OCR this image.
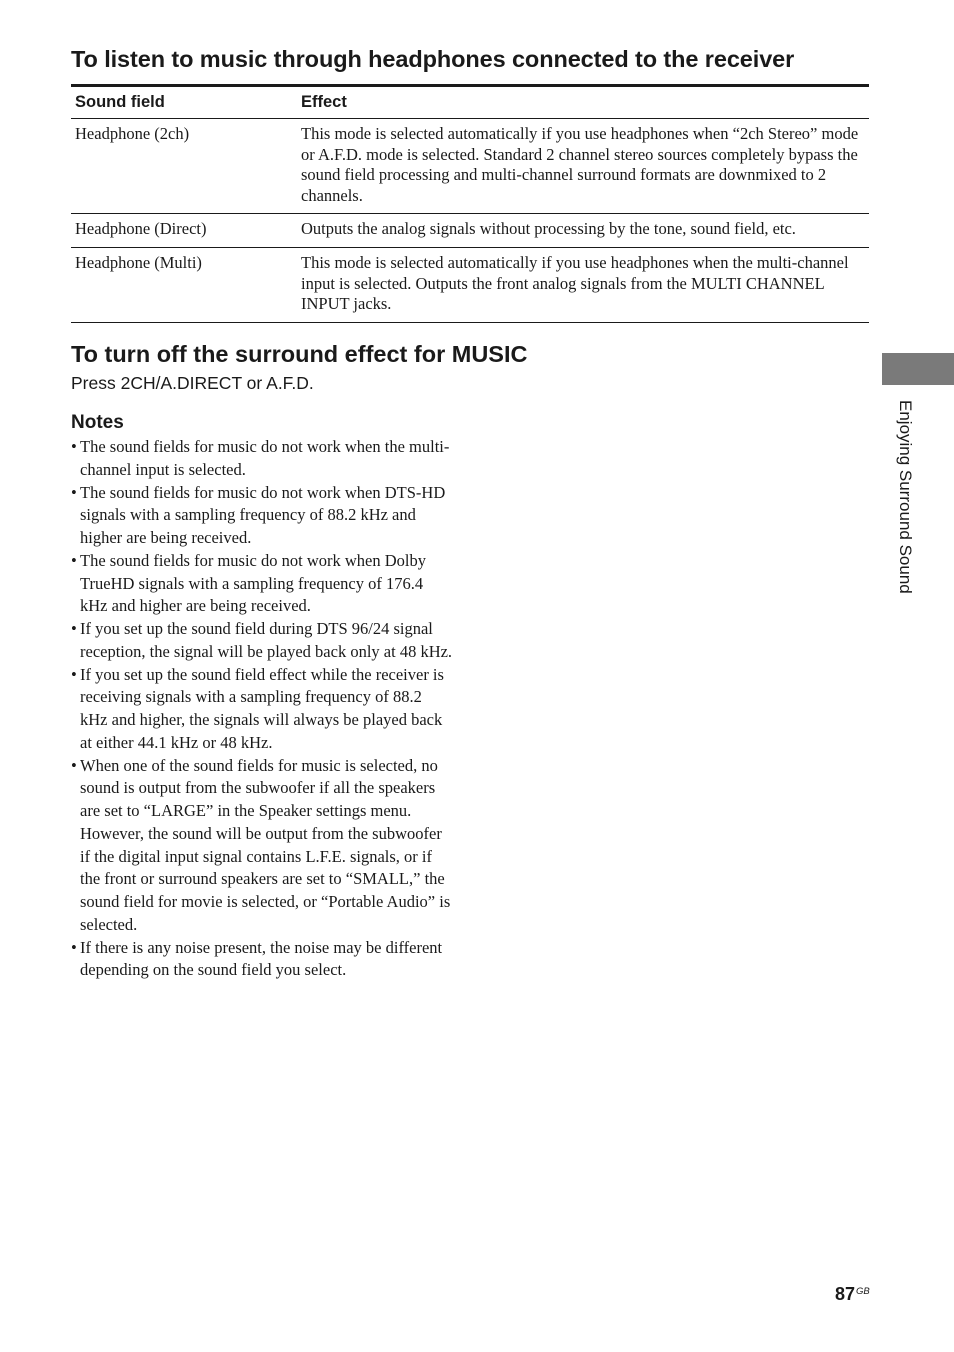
To listen to music through headphones connected to the receiver
Sound field	Effect
Headphone (2ch)	This mode is selected automatically if you use headphones when “2ch Stereo” mode or A.F.D. mode is selected. Standard 2 channel stereo sources completely bypass the sound field processing and multi-channel surround formats are downmixed to 2 channels.
Headphone (Direct)	Outputs the analog signals without processing by the tone, sound field, etc.
Headphone (Multi)	This mode is selected automatically if you use headphones when the multi-channel input is selected. Outputs the front analog signals from the MULTI CHANNEL INPUT jacks.
To turn off the surround effect for MUSIC

Press 2CH/A.DIRECT or A.F.D.

Notes
• The sound fields for music do not work when the multi-channel input is selected.
• The sound fields for music do not work when DTS-HD signals with a sampling frequency of 88.2 kHz and higher are being received.
• The sound fields for music do not work when Dolby TrueHD signals with a sampling frequency of 176.4 kHz and higher are being received.
• If you set up the sound field during DTS 96/24 signal reception, the signal will be played back only at 48 kHz.
• If you set up the sound field effect while the receiver is receiving signals with a sampling frequency of 88.2 kHz and higher, the signals will always be played back at either 44.1 kHz or 48 kHz.
• When one of the sound fields for music is selected, no sound is output from the subwoofer if all the speakers are set to “LARGE” in the Speaker settings menu. However, the sound will be output from the subwoofer if the digital input signal contains L.F.E. signals, or if the front or surround speakers are set to “SMALL,” the sound field for movie is selected, or “Portable Audio” is selected.
• If there is any noise present, the noise may be different depending on the sound field you select.
Enjoying Surround Sound
$87^{GB}$
